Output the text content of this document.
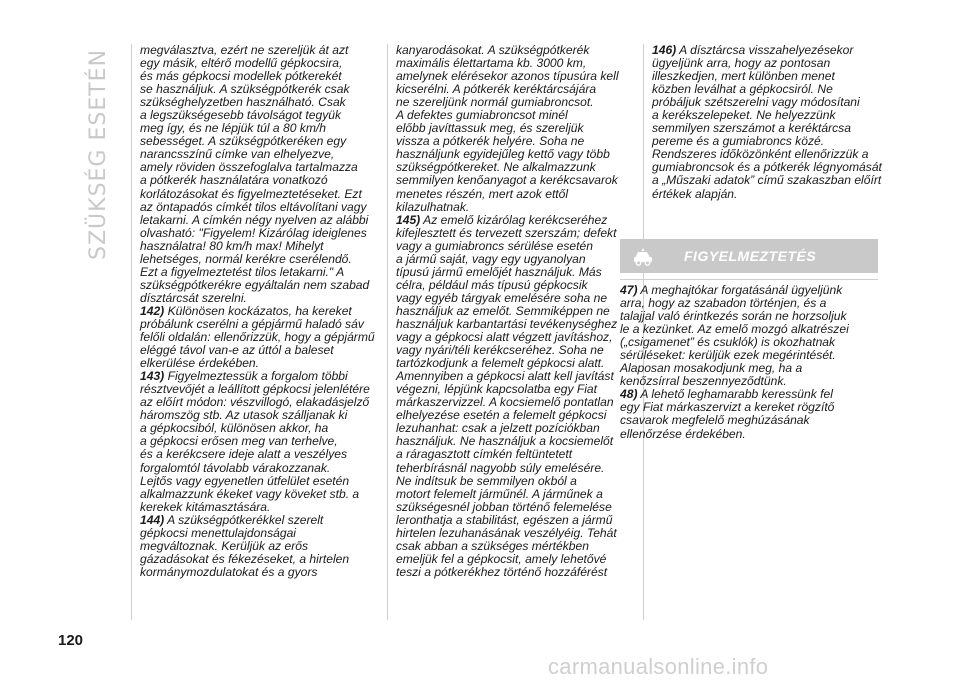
SZÜKSÉG ESETÉN megválasztva, ezért ne szereljük át azt

egy másik, eltérő modellű gépkocsira,

és más gépkocsi modellek pótkerekét

se használjuk. A szükségpótkerék csak

szükséghelyzetben használható. Csak

a legszükségesebb távolságot tegyük

meg így, és ne lépjük túl a 80 km/h

sebességet. A szükségpótkeréken egy

narancsszínű címke van elhelyezve,

amely röviden összefoglalva tartalmazza

a pótkerék használatára vonatkozó

korlátozásokat és figyelmeztetéseket. Ezt

az öntapadós címkét tilos eltávolítani vagy

letakarni. A címkén négy nyelven az alábbi

olvasható: "Figyelem! Kizárólag ideiglenes

használatra! 80 km/h max! Mihelyt

lehetséges, normál kerékre cserélendő.

Ezt a figyelmeztetést tilos letakarni." A

szükségpótkerékre egyáltalán nem szabad

dísztárcsát szerelni.

142) Különösen kockázatos, ha kereket

próbálunk cserélni a gépjármű haladó sáv

felőli oldalán: ellenőrizzük, hogy a gépjármű

eléggé távol van-e az úttól a baleset

elkerülése érdekében.

143) Figyelmeztessük a forgalom többi

résztvevőjét a leállított gépkocsi jelenlétére

az előírt módon: vészvillogó, elakadásjelző

háromszög stb. Az utasok szálljanak ki

a gépkocsiból, különösen akkor, ha

a gépkocsi erősen meg van terhelve,

és a kerékcsere ideje alatt a veszélyes

forgalomtól távolabb várakozzanak.

Lejtős vagy egyenetlen útfelület esetén

alkalmazzunk ékeket vagy köveket stb. a

kerekek kitámasztására.

144) A szükségpótkerékkel szerelt

gépkocsi menettulajdonságai

megváltoznak. Kerüljük az erős

gázadásokat és fékezéseket, a hirtelen

kormánymozdulatokat és a gyors

kanyarodásokat. A szükségpótkerék

maximális élettartama kb. 3000 km,

amelynek elérésekor azonos típusúra kell

kicserélni. A pótkerék keréktárcsájára

ne szereljünk normál gumiabroncsot.

A defektes gumiabroncsot minél

előbb javíttassuk meg, és szereljük

vissza a pótkerék helyére. Soha ne

használjunk egyidejűleg kettő vagy több

szükségpótkereket. Ne alkalmazzunk

semmilyen kenőanyagot a kerékcsavarok

menetes részén, mert azok ettől

kilazulhatnak.

145) Az emelő kizárólag kerékcseréhez

kifejlesztett és tervezett szerszám; defekt

vagy a gumiabroncs sérülése esetén

a jármű saját, vagy egy ugyanolyan

típusú jármű emelőjét használjuk. Más

célra, például más típusú gépkocsik

vagy egyéb tárgyak emelésére soha ne

használjuk az emelőt. Semmiképpen ne

használjuk karbantartási tevékenységhez

vagy a gépkocsi alatt végzett javításhoz,

vagy nyári/téli kerékcseréhez. Soha ne

tartózkodjunk a felemelt gépkocsi alatt.

Amennyiben a gépkocsi alatt kell javítást

végezni, lépjünk kapcsolatba egy Fiat

márkaszervizzel. A kocsiemelő pontatlan

elhelyezése esetén a felemelt gépkocsi

lezuhanhat: csak a jelzett pozíciókban

használjuk. Ne használjuk a kocsiemelőt

a ráragasztott címkén feltüntetett

teherbírásnál nagyobb súly emelésére.

Ne indítsuk be semmilyen okból a

motort felemelt járműnél. A járműnek a

szükségesnél jobban történő felemelése

leronthatja a stabilitást, egészen a jármű

hirtelen lezuhanásának veszélyéig. Tehát

csak abban a szükséges mértékben

emeljük fel a gépkocsit, amely lehetővé

teszi a pótkerékhez történő hozzáférést

146) A dísztárcsa visszahelyezésekor

ügyeljünk arra, hogy az pontosan

illeszkedjen, mert különben menet

közben leválhat a gépkocsiról. Ne

próbáljuk szétszerelni vagy módosítani

a kerékszelepeket. Ne helyezzünk

semmilyen szerszámot a keréktárcsa

pereme és a gumiabroncs közé.

Rendszeres időközönként ellenőrizzük a

gumiabroncsok és a pótkerék légnyomását

a „Műszaki adatok” című szakaszban előírt

értékek alapján.

FIGYELMEZTETÉS

47) A meghajtókar forgatásánál ügyeljünk

arra, hogy az szabadon történjen, és a

talajjal való érintkezés során ne horzsoljuk

le a kezünket. Az emelő mozgó alkatrészei

(„csigamenet” és csuklók) is okozhatnak

sérüléseket: kerüljük ezek megérintését.

Alaposan mosakodjunk meg, ha a

kenőzsírral beszennyeződtünk.

48) A lehető leghamarabb keressünk fel

egy Fiat márkaszervizt a kereket rögzítő

csavarok megfelelő meghúzásának

ellenőrzése érdekében.

120
carmanualsonline.info
